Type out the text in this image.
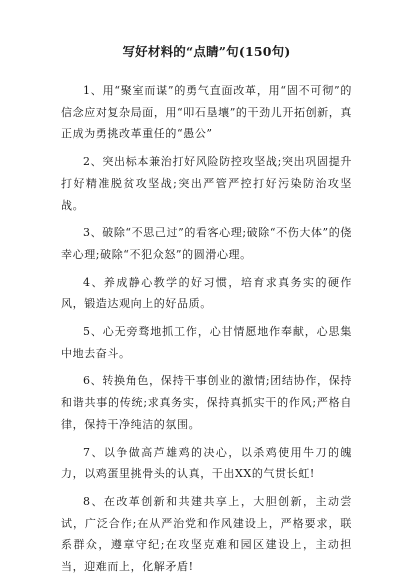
写好材料的“点睛”句(150句)

1、用“聚室而谋”的勇气直面改革，用“固不可彻”的信念应对复杂局面，用“叩石垦壤”的干劲儿开拓创新，真正成为勇挑改革重任的“愚公”

2、突出标本兼治打好风险防控攻坚战;突出巩固提升打好精准脱贫攻坚战;突出严管严控打好污染防治攻坚战。

3、破除“不思己过”的看客心理;破除“不伤大体”的侥幸心理;破除“不犯众怒”的圆滑心理。

4、养成静心教学的好习惯，培育求真务实的硬作风，锻造达观向上的好品质。

5、心无旁骛地抓工作，心甘情愿地作奉献，心思集中地去奋斗。

6、转换角色，保持干事创业的激情;团结协作，保持和谐共事的传统;求真务实，保持真抓实干的作风;严格自律，保持干净纯洁的氛围。

7、以争做高芦雄鸡的决心，以杀鸡使用牛刀的魄力，以鸡蛋里挑骨头的认真，干出XX的气贯长虹!

8、在改革创新和共建共享上，大胆创新，主动尝试，广泛合作;在从严治党和作风建设上，严格要求，联系群众，遵章守纪;在攻坚克难和园区建设上，主动担当，迎难而上，化解矛盾!
